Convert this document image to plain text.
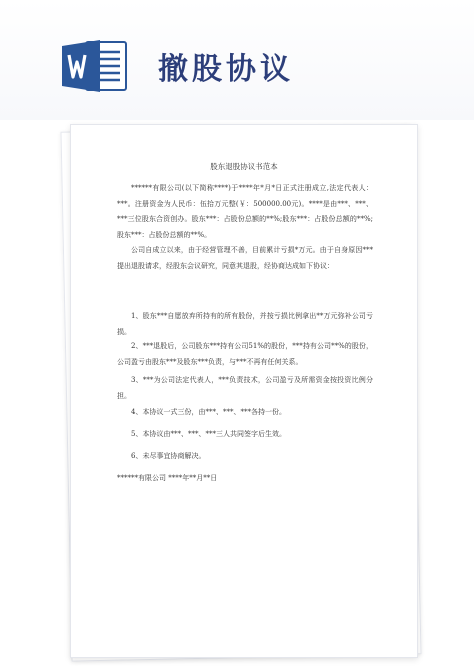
撤股协议
股东退股协议书范本
******有限公司(以下简称****)于****年*月*日正式注册成立,法定代表人：***。注册资金为人民币：伍拾万元整(￥：500000.00元)。****是由***、***、***三位股东合资创办。股东***：占股份总额的**%;股东***：占股份总额的**%;股东***：占股份总额的**%。
公司自成立以来，由于经营管理不善，目前累计亏损*万元。由于自身原因***提出退股请求，经股东会议研究，同意其退股，经协商达成如下协议：
1、股东***自愿放弃所持有的所有股份，并按亏损比例拿出**万元弥补公司亏损。
2、***退股后，公司股东***持有公司51%的股份，***持有公司**%的股份，公司盈亏由股东***及股东***负责，与***不再有任何关系。
3、***为公司法定代表人，***负责技术，公司盈亏及所需资金按投资比例分担。
4、本协议一式三份，由***、***、***各持一份。
5、本协议由***、***、***三人共同签字后生效。
6、未尽事宜协商解决。
******有限公司 ****年**月**日
